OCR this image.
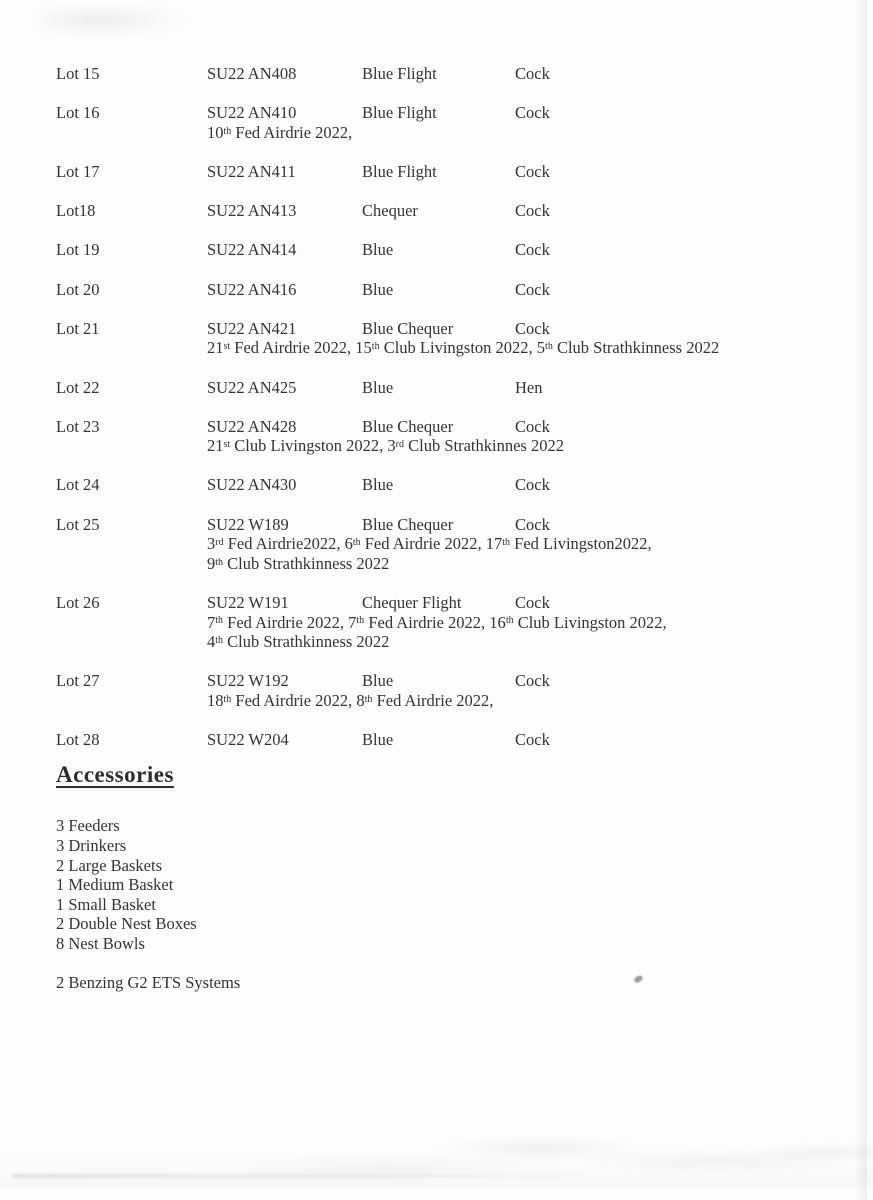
Lot 15	SU22 AN408	Blue Flight	Cock
Lot 16	SU22 AN410	Blue Flight	Cock
10th Fed Airdrie 2022,
Lot 17	SU22 AN411	Blue Flight	Cock
Lot18	SU22 AN413	Chequer	Cock
Lot 19	SU22 AN414	Blue	Cock
Lot 20	SU22 AN416	Blue	Cock
Lot 21	SU22 AN421	Blue Chequer	Cock
21st Fed Airdrie 2022, 15th Club Livingston 2022, 5th Club Strathkinness 2022
Lot 22	SU22 AN425	Blue	Hen
Lot 23	SU22 AN428	Blue Chequer	Cock
21st Club Livingston 2022, 3rd Club Strathkinnes 2022
Lot 24	SU22 AN430	Blue	Cock
Lot 25	SU22 W189	Blue Chequer	Cock
3rd Fed Airdrie2022, 6th Fed Airdrie 2022, 17th Fed Livingston2022,
9th Club Strathkinness 2022
Lot 26	SU22 W191	Chequer Flight	Cock
7th Fed Airdrie 2022, 7th Fed Airdrie 2022, 16th Club Livingston 2022,
4th Club Strathkinness 2022
Lot 27	SU22 W192	Blue	Cock
18th Fed Airdrie 2022, 8th Fed Airdrie 2022,
Lot 28	SU22 W204	Blue	Cock
Accessories
3 Feeders
3 Drinkers
2 Large Baskets
1 Medium Basket
1 Small Basket
2 Double Nest Boxes
8 Nest Bowls
2 Benzing G2 ETS Systems
